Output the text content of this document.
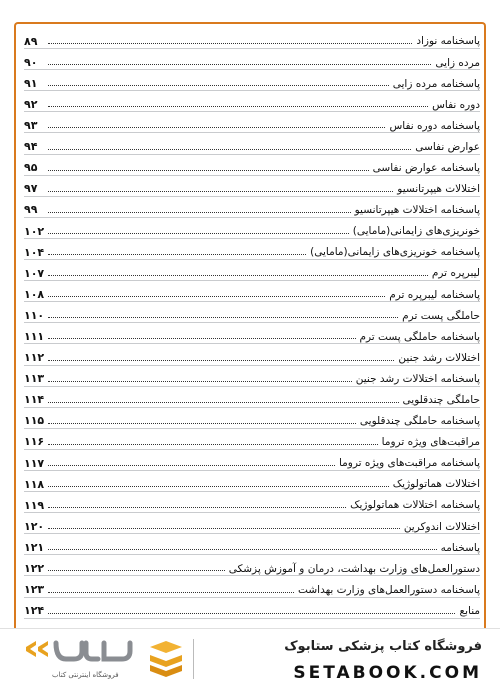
پاسخنامه نوزاد
۸۹
مرده زایی
۹۰
پاسخنامه مرده زایی
۹۱
دوره نفاس
۹۲
پاسخنامه دوره نفاس
۹۳
عوارض نفاسی
۹۴
پاسخنامه عوارض نفاسی
۹۵
اختلالات هیپرتانسیو
۹۷
پاسخنامه اختلالات هیپرتانسیو
۹۹
خونریزی‌های زایمانی(مامایی)
۱۰۲
پاسخنامه خونریزی‌های زایمانی(مامایی)
۱۰۴
لیبرپره ترم
۱۰۷
پاسخنامه لیبرپره ترم
۱۰۸
حاملگی پست ترم
۱۱۰
پاسخنامه حاملگی پست ترم
۱۱۱
اختلالات رشد جنین
۱۱۲
پاسخنامه اختلالات رشد جنین
۱۱۳
حاملگی چندقلویی
۱۱۴
پاسخنامه حاملگی چندقلویی
۱۱۵
مراقبت‌های ویژه تروما
۱۱۶
پاسخنامه مراقبت‌های ویژه تروما
۱۱۷
اختلالات هماتولوژیک
۱۱۸
پاسخنامه اختلالات هماتولوژیک
۱۱۹
اختلالات اندوکرین
۱۲۰
پاسخنامه
۱۲۱
دستورالعمل‌های وزارت بهداشت، درمان و آموزش پزشکی
۱۲۲
پاسخنامه دستورالعمل‌های وزارت بهداشت
۱۲۳
منابع
۱۲۴
فروشگاه اینترنتی کتاب
فروشگاه کتاب پزشکی ستابوک
SETABOOK.COM
